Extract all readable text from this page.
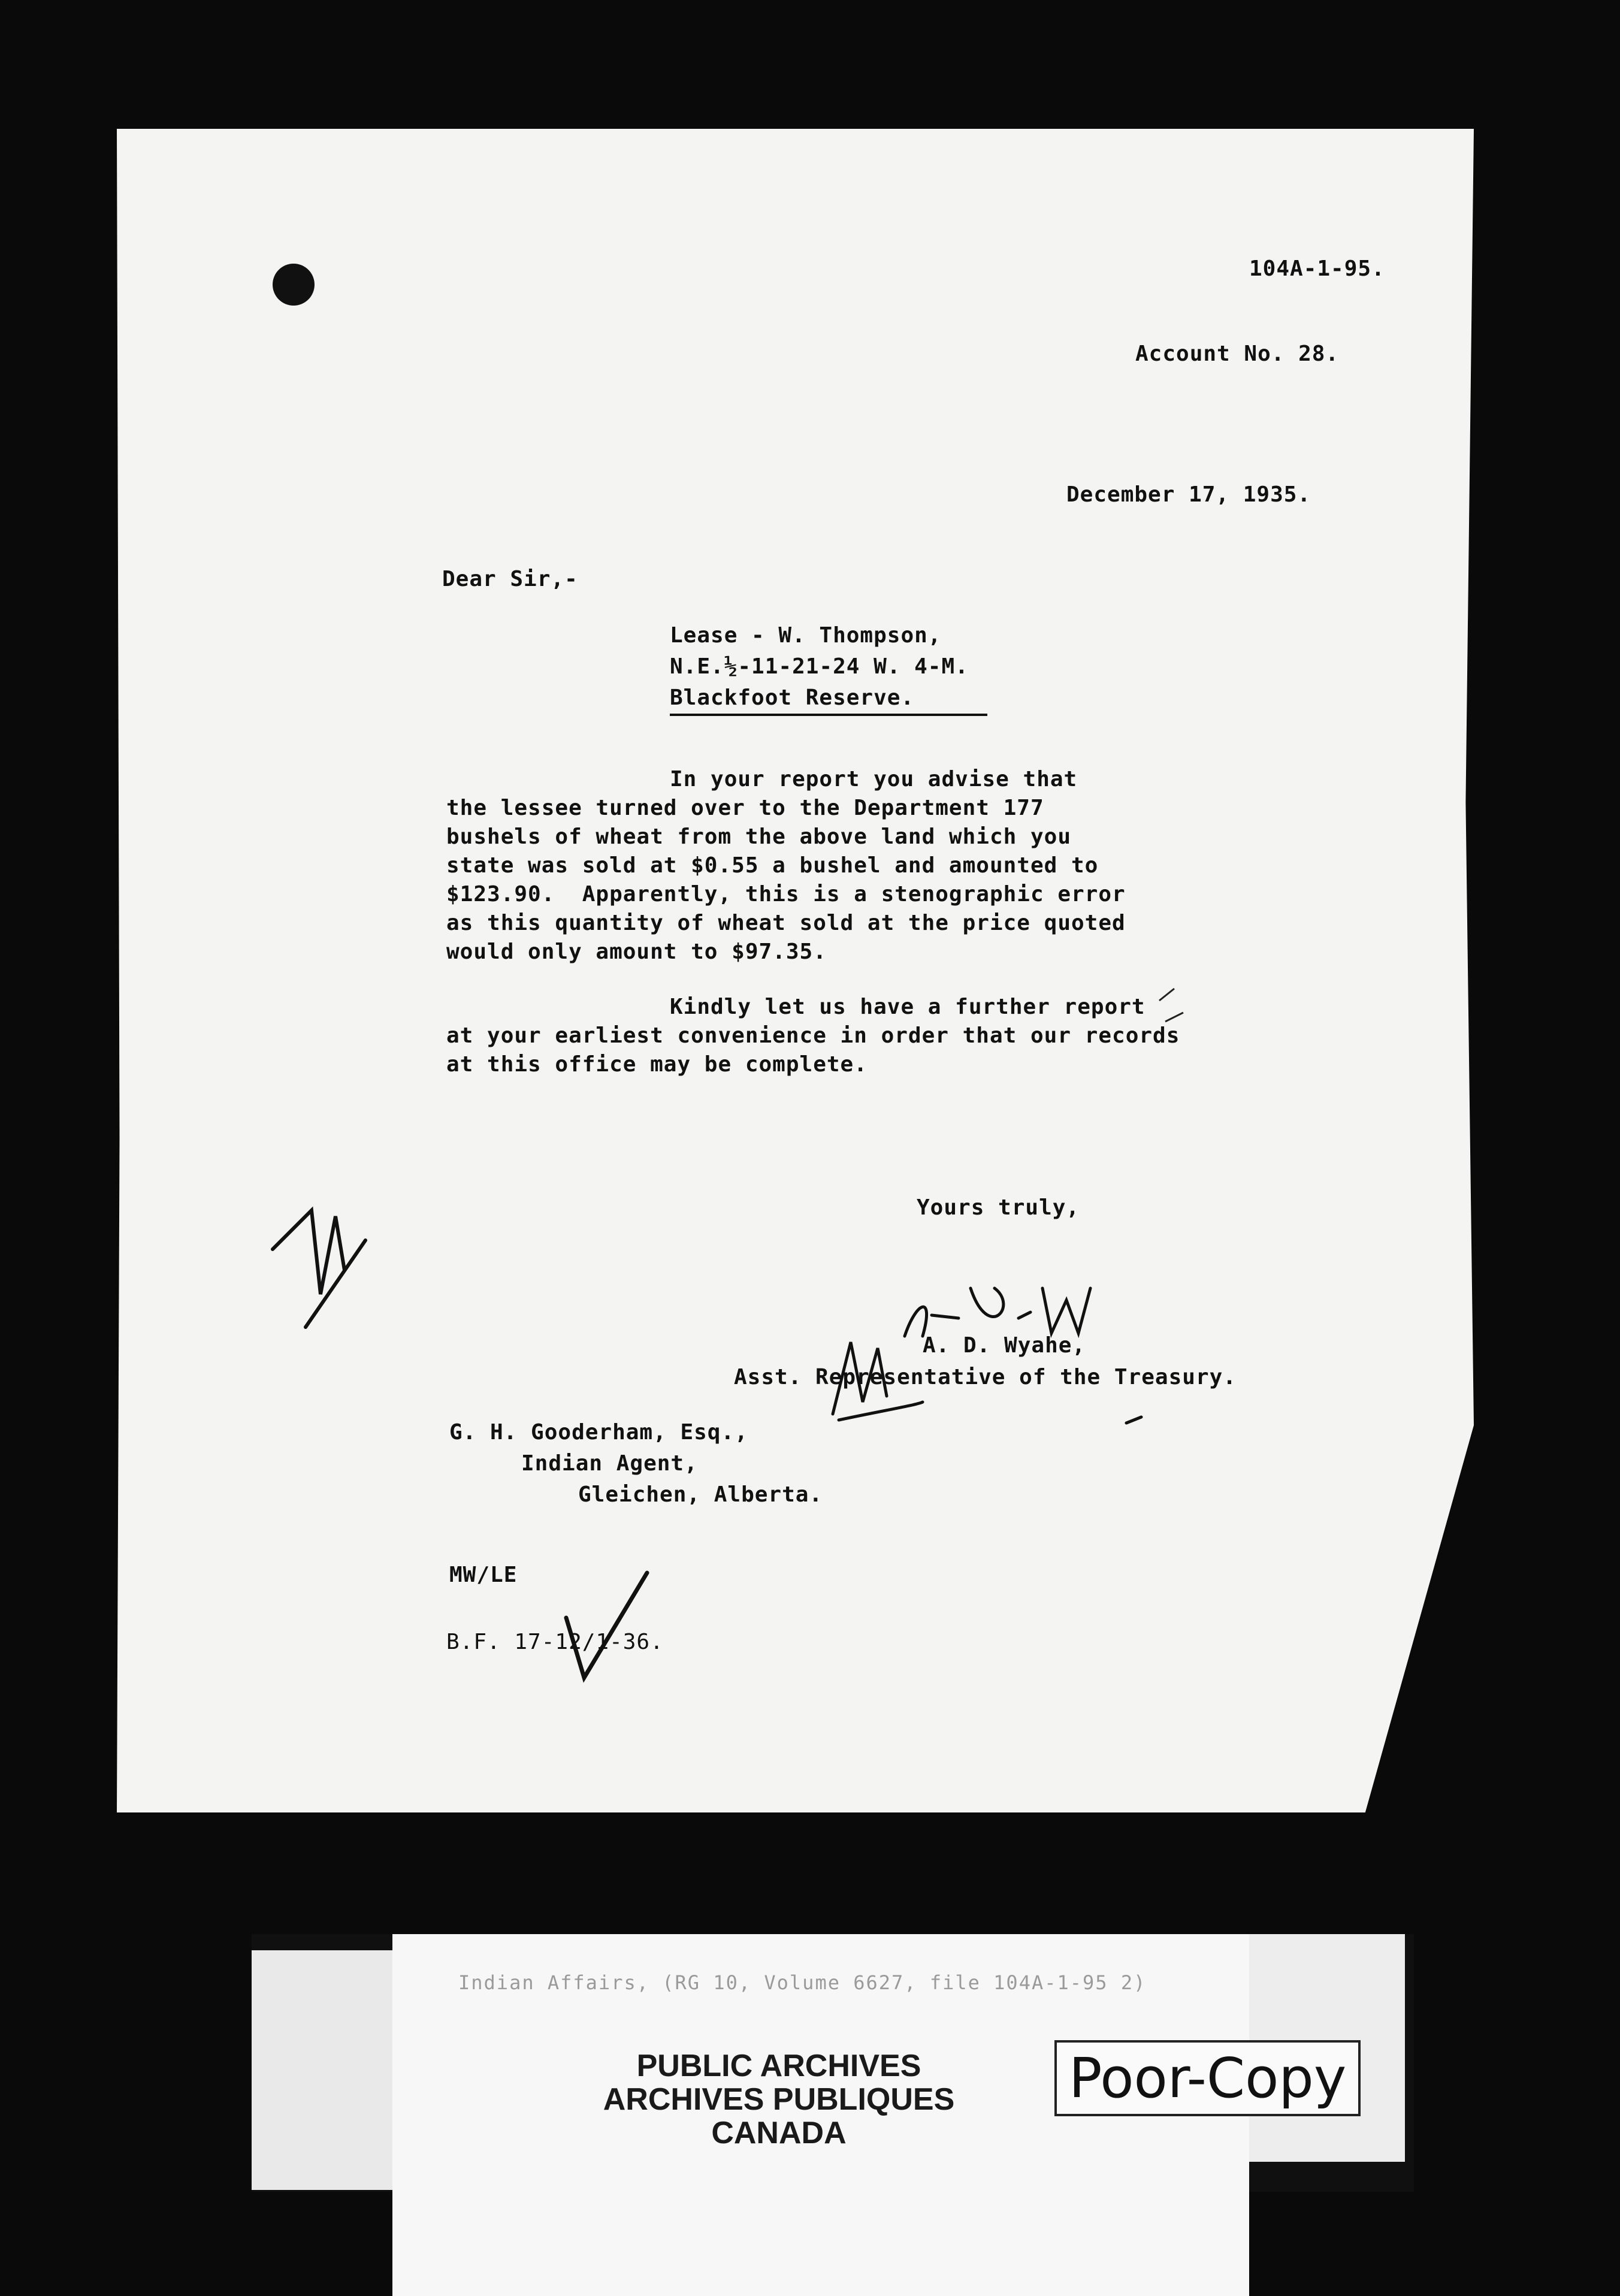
104A-1-95.
Account No. 28.
December 17, 1935.
Dear Sir,-
Lease - W. Thompson,
N.E.½-11-21-24 W. 4-M.
Blackfoot Reserve.
In your report you advise that
the lessee turned over to the Department 177
bushels of wheat from the above land which you
state was sold at $0.55 a bushel and amounted to
$123.90.  Apparently, this is a stenographic error
as this quantity of wheat sold at the price quoted
would only amount to $97.35.
Kindly let us have a further report
at your earliest convenience in order that our records
at this office may be complete.
Yours truly,
A. D. Wyahe,
Asst. Representative of the Treasury.
G. H. Gooderham, Esq.,
Indian Agent,
Gleichen, Alberta.
MW/LE
B.F. 17-12/1-36.
Indian Affairs, (RG 10, Volume 6627, file 104A-1-95 2)
PUBLIC ARCHIVES
ARCHIVES PUBLIQUES
CANADA
Poor-Copy
